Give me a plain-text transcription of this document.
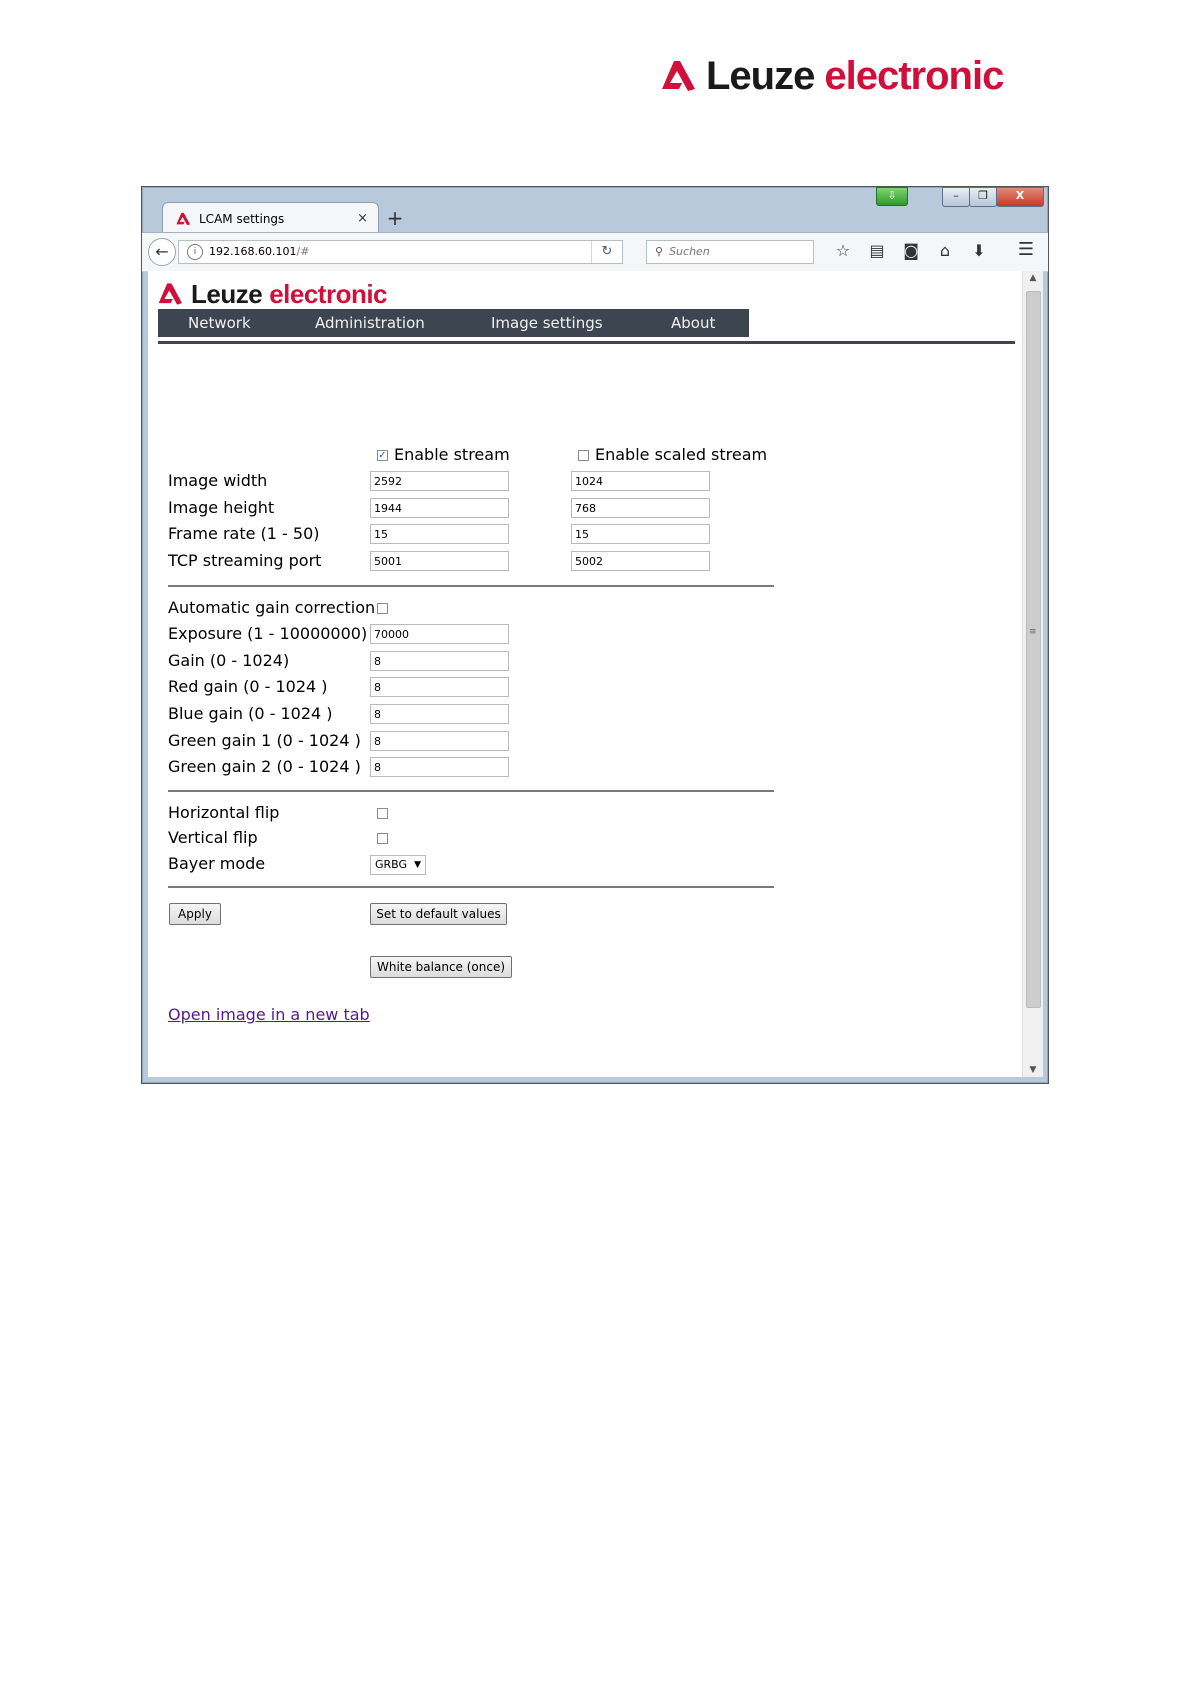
Leuze electronic
⇩	–	❐	X
LCAM settings	× +
←	i 192.168.60.101/#	↻	⚲ Suchen	☆	▤	◙	⌂	⬇	☰
Leuze electronic
Network	Administration	Image settings	About
✓ Enable stream	Enable scaled stream
Image width	2592	1024
Image height	1944	768
Frame rate (1 - 50)	15	15
TCP streaming port	5001	5002
Automatic gain correction
Exposure (1 - 10000000) 70000
Gain (0 - 1024)	8
Red gain (0 - 1024 )	8
Blue gain (0 - 1024 )	8
Green gain 1 (0 - 1024 )	8
Green gain 2 (0 - 1024 )	8
Horizontal flip
Vertical flip
Bayer mode	GRBG ▼
Apply	Set to default values
White balance (once)
Open image in a new tab
▲
≡
▼
